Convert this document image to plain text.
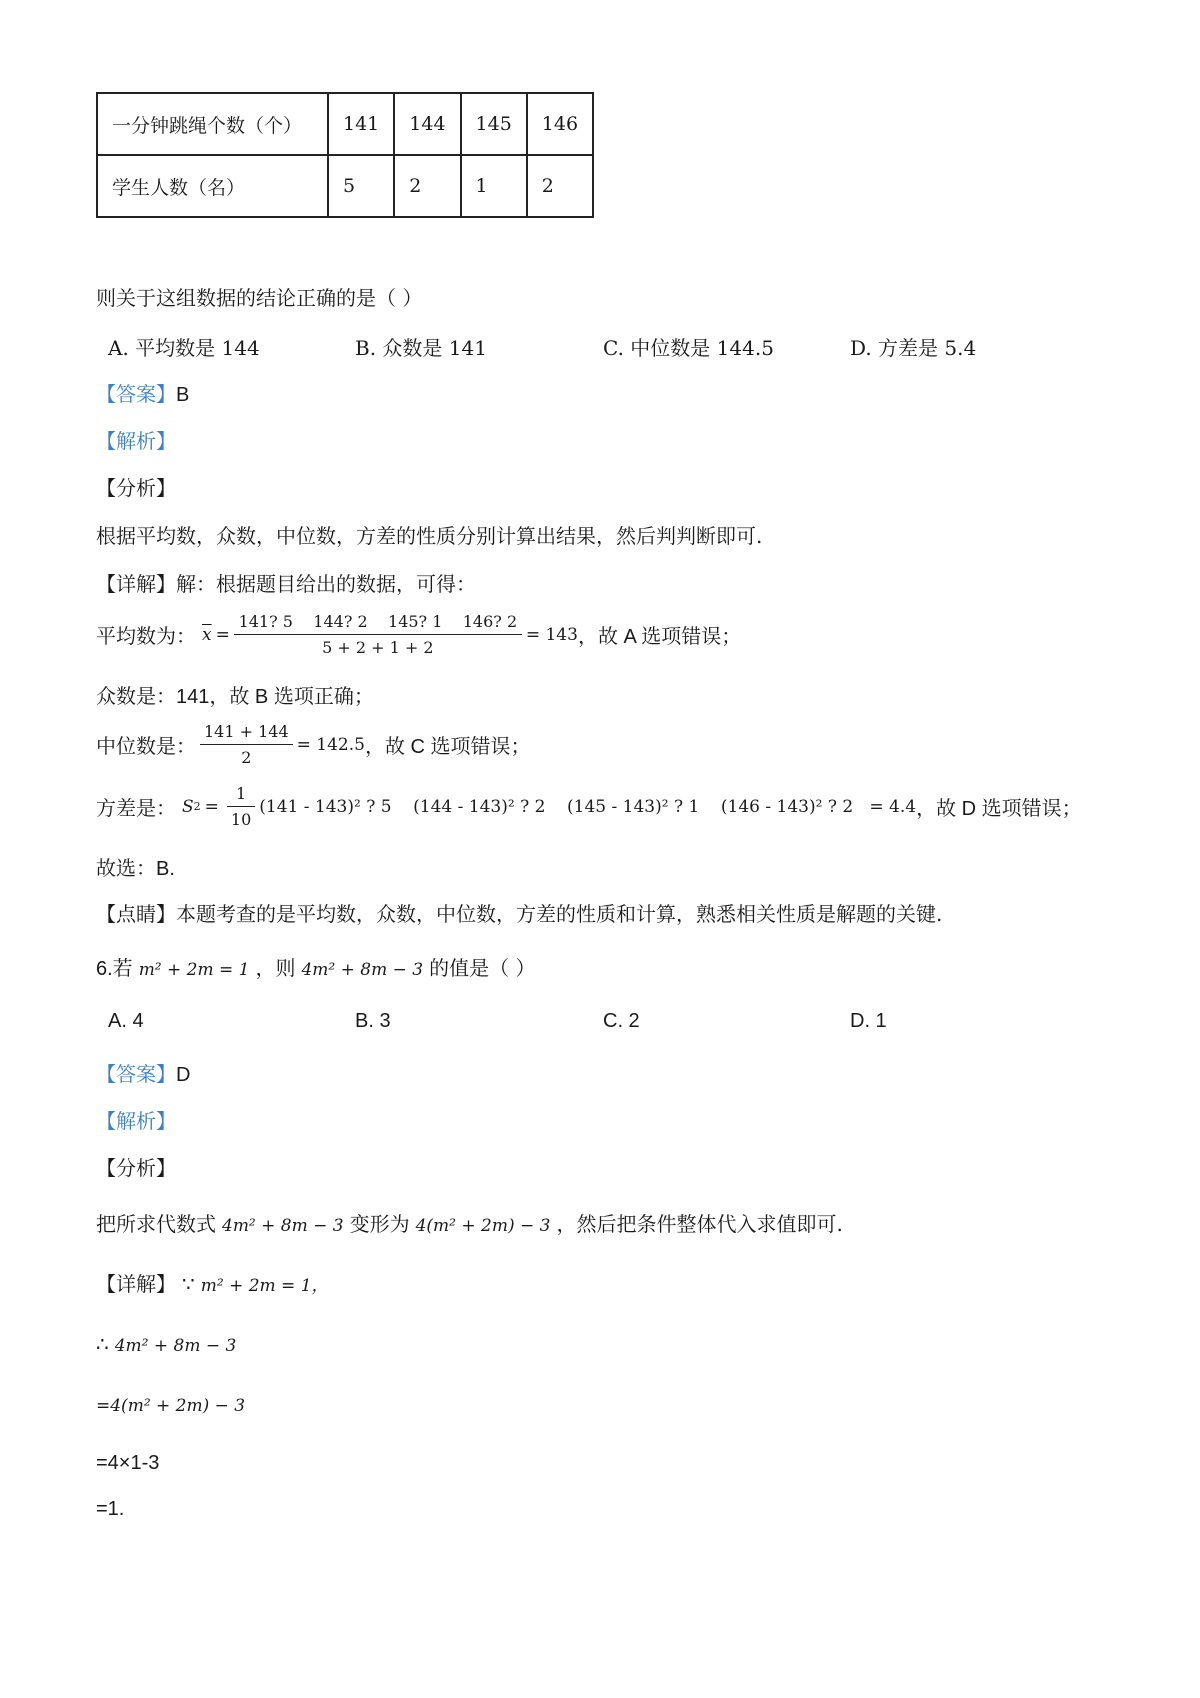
一分钟跳绳个数（个）	141	144	145	146
学生人数（名）	5	2	1	2
则关于这组数据的结论正确的是（ ）
A. 平均数是 144	B. 众数是 141	C. 中位数是 144.5	D. 方差是 5.4
【答案】B
【解析】
【分析】
根据平均数，众数，中位数，方差的性质分别计算出结果，然后判判断即可.
【详解】解：根据题目给出的数据，可得：
平均数为： $\overline{x} = \frac{141? 5 144? 2 145? 1 146? 2}{5 + 2 + 1 + 2} = 143$ ，故 A 选项错误；
众数是：141，故 B 选项正确；
中位数是： $\frac{141 + 144}{2} = 142.5$ ，故 C 选项错误；
方差是： S $2 = \frac{1}{10} (141 - 143)^2$ ? 5    (144 - 143)² ? 2    (145 - 143)² ? 1    (146 - 143)² ? 2   = 4.4 ，故 D 选项错误；
故选：B.
【点睛】本题考查的是平均数，众数，中位数，方差的性质和计算，熟悉相关性质是解题的关键.
6.若 m² + 2m = 1 ，则 4m² + 8m − 3 的值是（ ）
A. 4	B. 3	C. 2	D. 1
【答案】D
【解析】
【分析】
把所求代数式 4m² + 8m − 3 变形为 4(m² + 2m) − 3 ，然后把条件整体代入求值即可.
【详解】 ∵ m² + 2m = 1，
∴ 4m² + 8m − 3
=4(m² + 2m) − 3
=4×1-3
=1.
